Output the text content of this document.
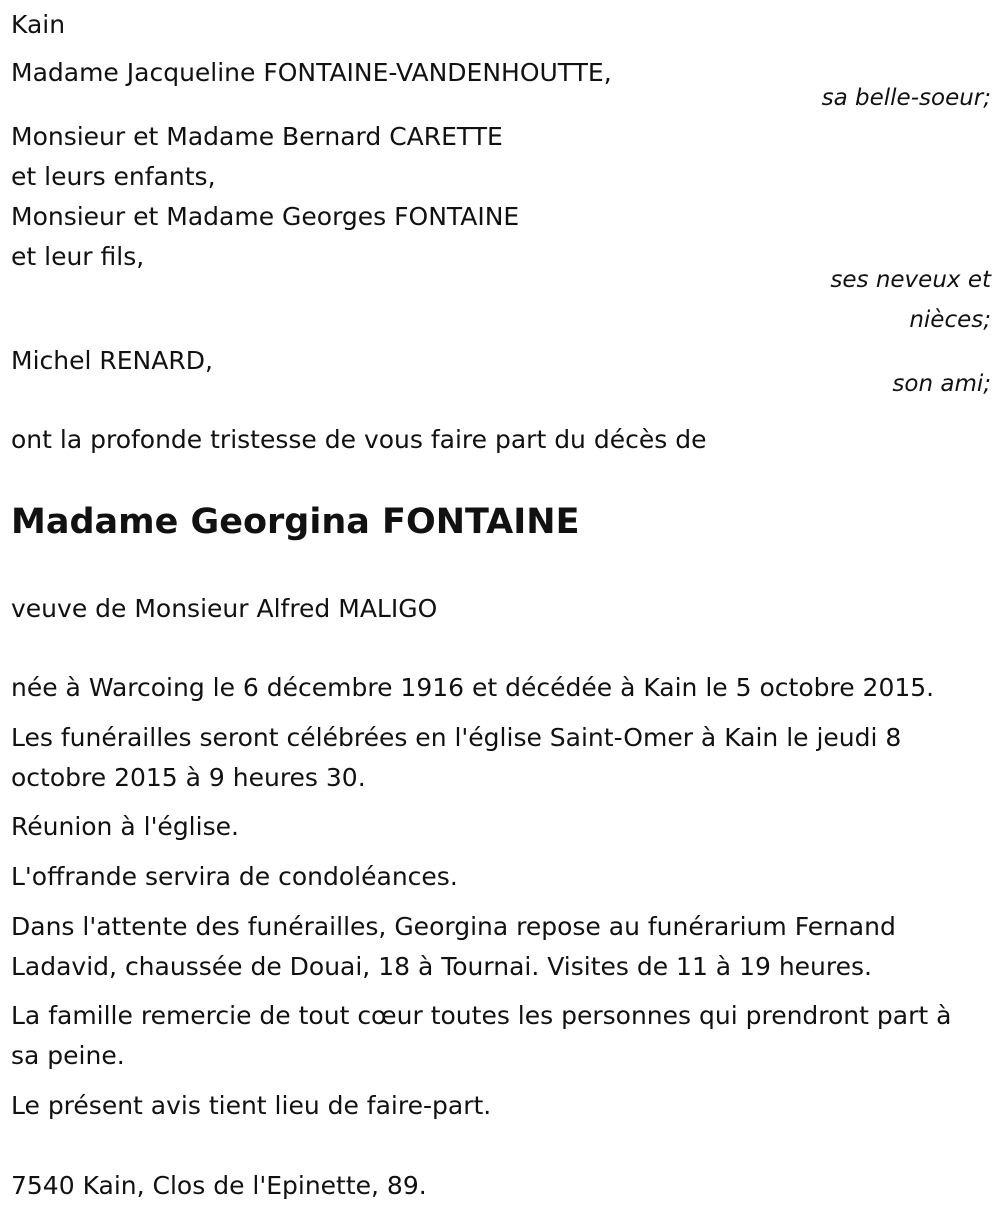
Kain
Madame Jacqueline FONTAINE-VANDENHOUTTE,
sa belle-soeur;
Monsieur et Madame Bernard CARETTE
et leurs enfants,
Monsieur et Madame Georges FONTAINE
et leur fils,
ses neveux et
nièces;
Michel RENARD,
son ami;
ont la profonde tristesse de vous faire part du décès de
Madame Georgina FONTAINE
veuve de Monsieur Alfred MALIGO
née à Warcoing le 6 décembre 1916 et décédée à Kain le 5 octobre 2015.
Les funérailles seront célébrées en l'église Saint-Omer à Kain le jeudi 8 octobre 2015 à 9 heures 30.
Réunion à l'église.
L'offrande servira de condoléances.
Dans l'attente des funérailles, Georgina repose au funérarium Fernand Ladavid, chaussée de Douai, 18 à Tournai. Visites de 11 à 19 heures.
La famille remercie de tout cœur toutes les personnes qui prendront part à sa peine.
Le présent avis tient lieu de faire-part.
7540 Kain, Clos de l'Epinette, 89.
